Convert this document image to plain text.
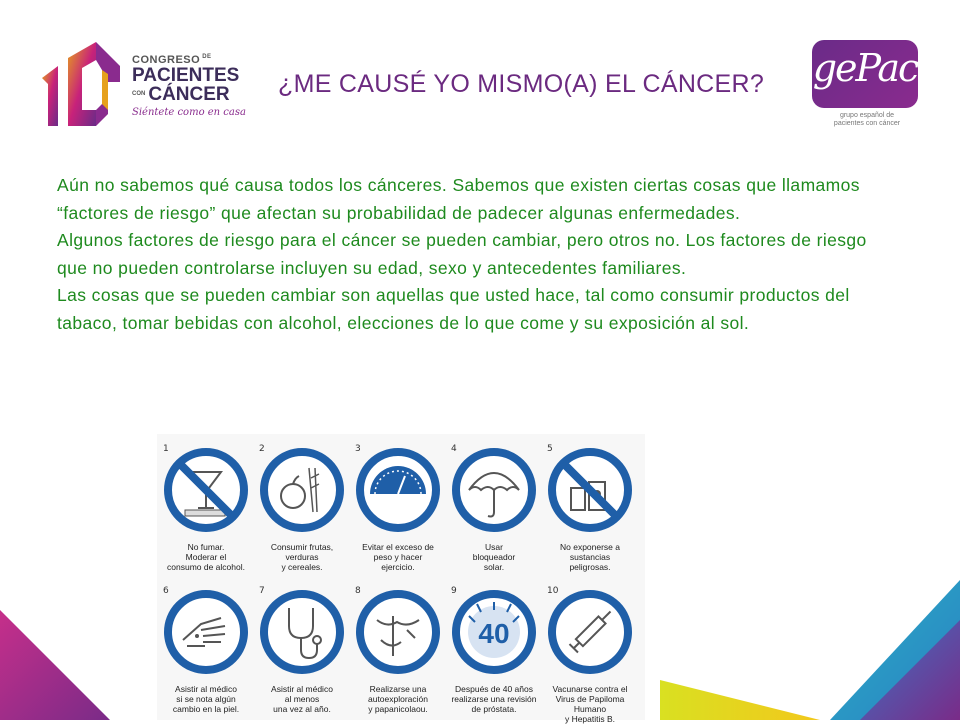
CONGRESO $^{DE}$
PACIENTES
CON CÁNCER
Siéntete como en casa
¿ME CAUSÉ YO MISMO(A) EL CÁNCER? gePac
grupo español de
pacientes con cáncer

Aún no sabemos qué causa todos los cánceres. Sabemos que existen ciertas cosas que llamamos “factores de riesgo” que afectan su probabilidad de padecer algunas enfermedades.

Algunos factores de riesgo para el cáncer se pueden cambiar, pero otros no. Los factores de riesgo que no pueden controlarse incluyen su edad, sexo y antecedentes familiares.

Las cosas que se pueden cambiar son aquellas que usted hace, tal como consumir productos del tabaco, tomar bebidas con alcohol, elecciones de lo que come y su exposición al sol.

1
No fumar.
Moderar el
consumo de alcohol.
2
Consumir frutas,
verduras
y cereales.
3
Evitar el exceso de
peso y hacer
ejercicio.
4
Usar
bloqueador
solar.
5
No exponerse a
sustancias
peligrosas.
6
Asistir al médico
si se nota algún
cambio en la piel.
7
Asistir al médico
al menos
una vez al año.
8
Realizarse una
autoexploración
y papanicolaou.
9
40
Después de 40 años
realizarse una revisión
de próstata.
10
Vacunarse contra el
Virus de Papiloma Humano
y Hepatitis B.
